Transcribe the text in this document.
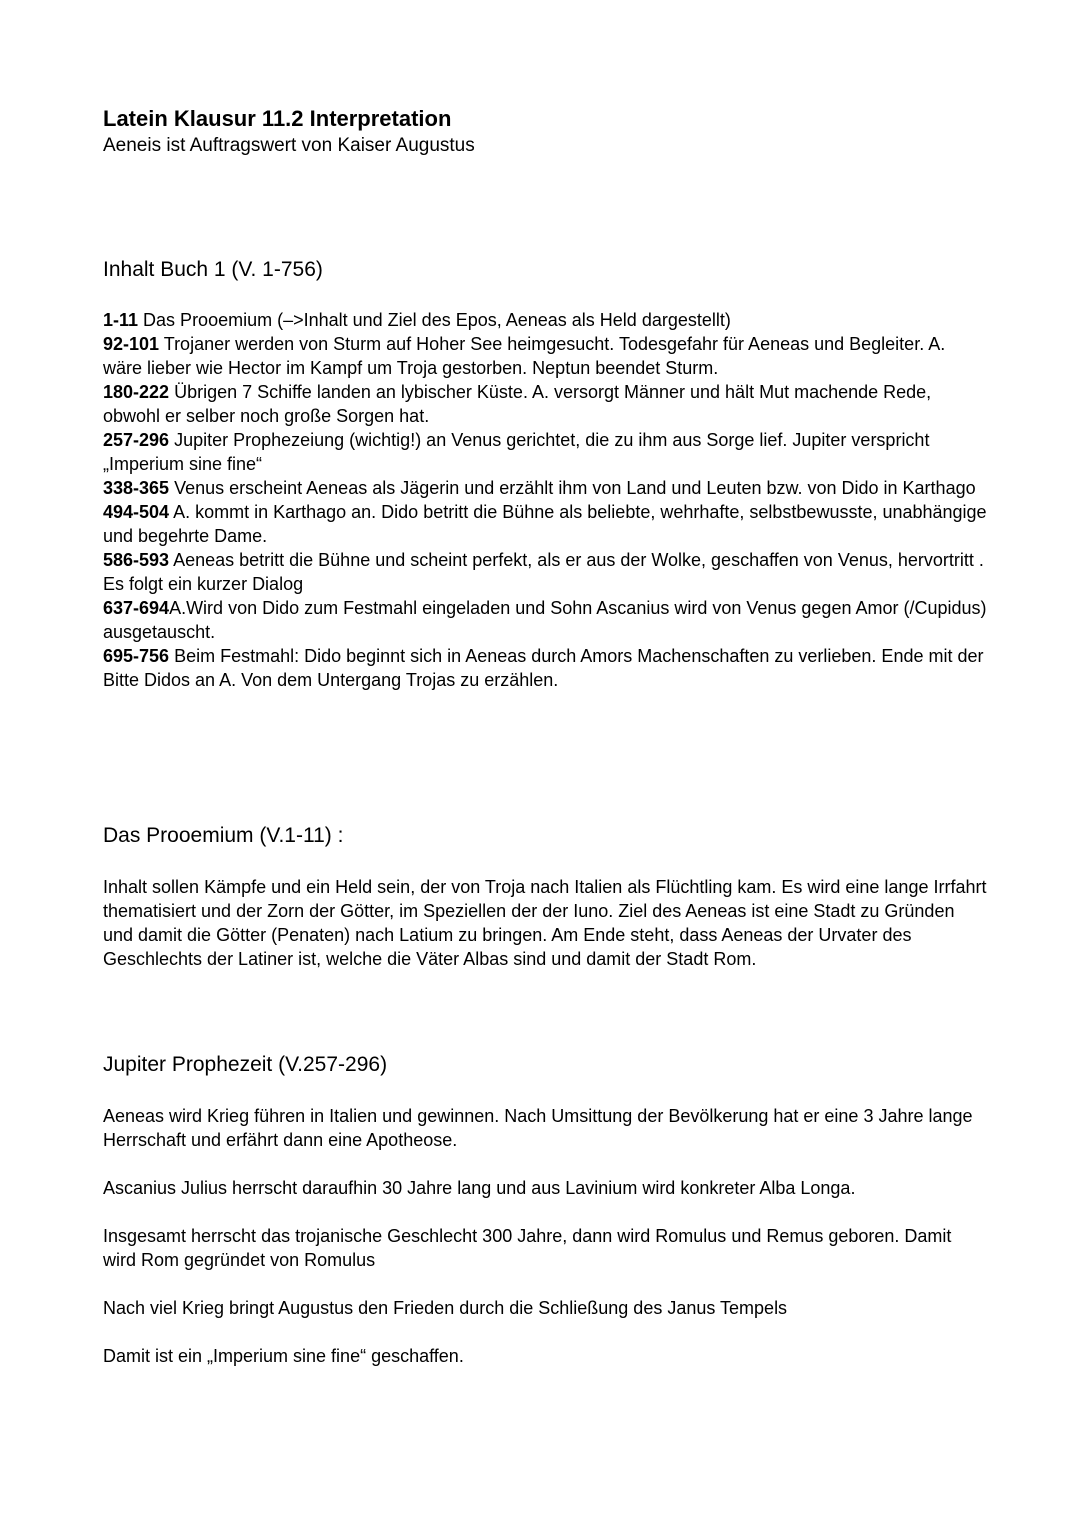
Latein Klausur 11.2 Interpretation

Aeneis ist Auftragswert von Kaiser Augustus

Inhalt Buch 1 (V. 1-756)

1-11 Das Prooemium (–>Inhalt und Ziel des Epos, Aeneas als Held dargestellt)

92-101 Trojaner werden von Sturm auf Hoher See heimgesucht. Todesgefahr für Aeneas und Begleiter. A. wäre lieber wie Hector im Kampf um Troja gestorben. Neptun beendet Sturm.

180-222 Übrigen 7 Schiffe landen an lybischer Küste. A. versorgt Männer und hält Mut machende Rede, obwohl er selber noch große Sorgen hat.

257-296 Jupiter Prophezeiung (wichtig!) an Venus gerichtet, die zu ihm aus Sorge lief. Jupiter verspricht „Imperium sine fine“

338-365 Venus erscheint Aeneas als Jägerin und erzählt ihm von Land und Leuten bzw. von Dido in Karthago

494-504 A. kommt in Karthago an. Dido betritt die Bühne als beliebte, wehrhafte, selbstbewusste, unabhängige und begehrte Dame.

586-593 Aeneas betritt die Bühne und scheint perfekt, als er aus der Wolke, geschaffen von Venus, hervortritt . Es folgt ein kurzer Dialog

637-694A.Wird von Dido zum Festmahl eingeladen und Sohn Ascanius wird von Venus gegen Amor (/Cupidus) ausgetauscht.

695-756 Beim Festmahl: Dido beginnt sich in Aeneas durch Amors Machenschaften zu verlieben. Ende mit der Bitte Didos an A. Von dem Untergang Trojas zu erzählen.

Das Prooemium (V.1-11) :

Inhalt sollen Kämpfe und ein Held sein, der von Troja nach Italien als Flüchtling kam. Es wird eine lange Irrfahrt thematisiert und der Zorn der Götter, im Speziellen der der Iuno. Ziel des Aeneas ist eine Stadt zu Gründen und damit die Götter (Penaten) nach Latium zu bringen. Am Ende steht, dass Aeneas der Urvater des Geschlechts der Latiner ist, welche die Väter Albas sind und damit der Stadt Rom.

Jupiter Prophezeit (V.257-296)

Aeneas wird Krieg führen in Italien und gewinnen. Nach Umsittung der Bevölkerung hat er eine 3 Jahre lange Herrschaft und erfährt dann eine Apotheose.

Ascanius Julius herrscht daraufhin 30 Jahre lang und aus Lavinium wird konkreter Alba Longa.

Insgesamt herrscht das trojanische Geschlecht 300 Jahre, dann wird Romulus und Remus geboren. Damit wird Rom gegründet von Romulus

Nach viel Krieg bringt Augustus den Frieden durch die Schließung des Janus Tempels

Damit ist ein „Imperium sine fine“ geschaffen.
